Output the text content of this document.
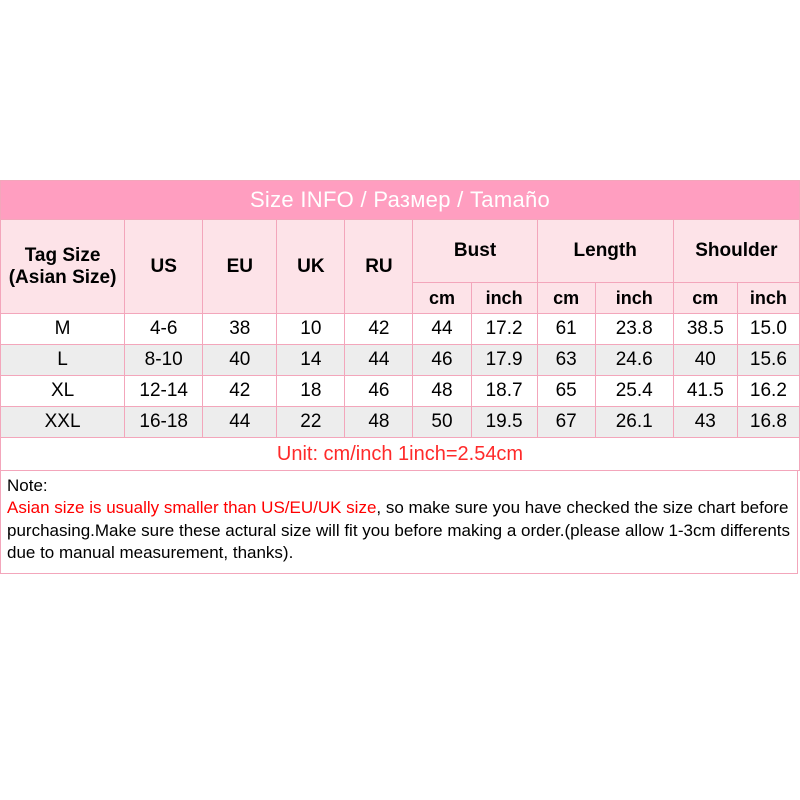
Size INFO / Размер / Tamaño										
Tag Size (Asian Size)	US	EU	UK	RU	Bust		Length		Shoulder	
					cm	inch	cm	inch	cm	inch
M	4-6	38	10	42	44	17.2	61	23.8	38.5	15.0
L	8-10	40	14	44	46	17.9	63	24.6	40	15.6
XL	12-14	42	18	46	48	18.7	65	25.4	41.5	16.2
XXL	16-18	44	22	48	50	19.5	67	26.1	43	16.8
Unit: cm/inch 1inch=2.54cm										
Note:
Asian size is usually smaller than US/EU/UK size, so make sure you have checked the size chart before purchasing.Make sure these actural size will fit you before making a order.(please allow 1-3cm differents due to manual measurement, thanks).
